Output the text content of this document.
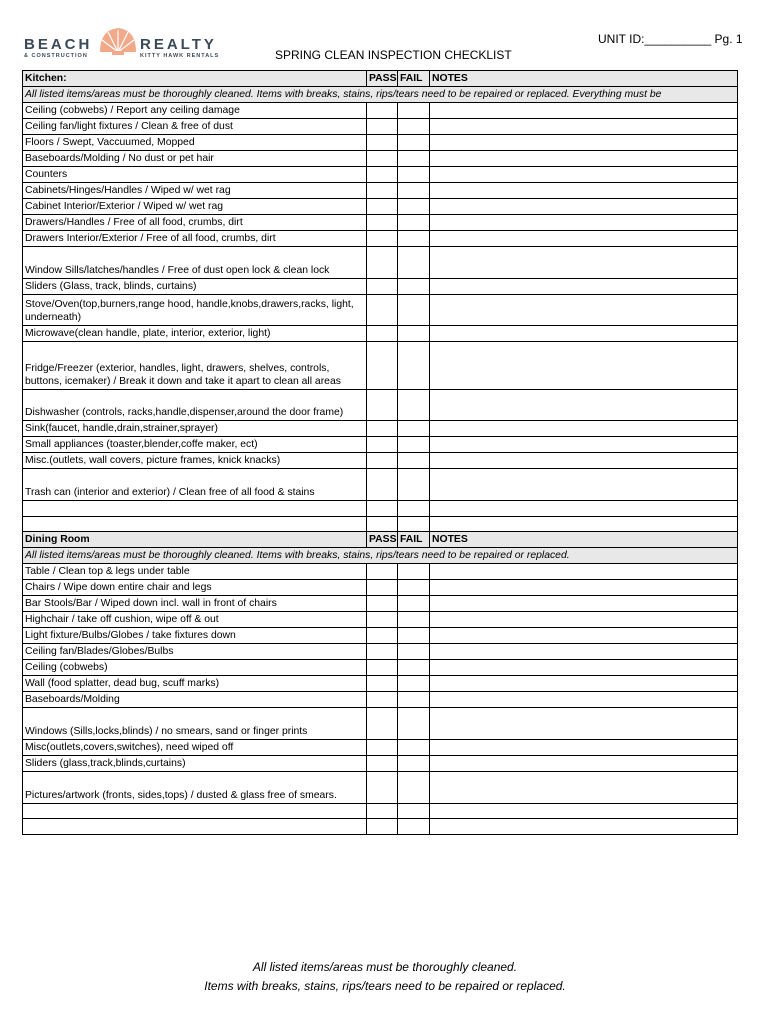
BEACH	REALTY
& CONSTRUCTION	KITTY HAWK RENTALS
UNIT ID:__________ Pg. 1
SPRING CLEAN INSPECTION CHECKLIST
Kitchen:	PASS	FAIL	NOTES
All listed items/areas must be thoroughly cleaned. Items with breaks, stains, rips/tears need to be repaired or replaced. Everything must be			
Ceiling (cobwebs) / Report any ceiling damage			
Ceiling fan/light fixtures / Clean & free of dust			
Floors / Swept, Vaccuumed, Mopped			
Baseboards/Molding / No dust or pet hair			
Counters			
Cabinets/Hinges/Handles / Wiped w/ wet rag			
Cabinet Interior/Exterior / Wiped w/ wet rag			
Drawers/Handles / Free of all food, crumbs, dirt			
Drawers Interior/Exterior / Free of all food, crumbs, dirt			
Window Sills/latches/handles / Free of dust open lock & clean lock			
Sliders (Glass, track, blinds, curtains)			
Stove/Oven(top,burners,range hood, handle,knobs,drawers,racks, light, underneath)			
Microwave(clean handle, plate, interior, exterior, light)			
Fridge/Freezer (exterior, handles, light, drawers, shelves, controls, buttons, icemaker) / Break it down and take it apart to clean all areas			
Dishwasher (controls, racks,handle,dispenser,around the door frame)			
Sink(faucet, handle,drain,strainer,sprayer)			
Small appliances (toaster,blender,coffe maker, ect)			
Misc.(outlets, wall covers, picture frames, knick knacks)			
Trash can (interior and exterior) / Clean free of all food & stains			

Dining Room	PASS	FAIL	NOTES
All listed items/areas must be thoroughly cleaned. Items with breaks, stains, rips/tears need to be repaired or replaced.			
Table / Clean top & legs under table			
Chairs / Wipe down entire chair and legs			
Bar Stools/Bar / Wiped down incl. wall in front of chairs			
Highchair / take off cushion, wipe off & out			
Light fixture/Bulbs/Globes / take fixtures down			
Ceiling fan/Blades/Globes/Bulbs			
Ceiling (cobwebs)			
Wall (food splatter, dead bug, scuff marks)			
Baseboards/Molding			
Windows (Sills,locks,blinds) / no smears, sand or finger prints			
Misc(outlets,covers,switches), need wiped off			
Sliders (glass,track,blinds,curtains)			
Pictures/artwork (fronts, sides,tops) / dusted & glass free of smears.			

All listed items/areas must be thoroughly cleaned.
Items with breaks, stains, rips/tears need to be repaired or replaced.
